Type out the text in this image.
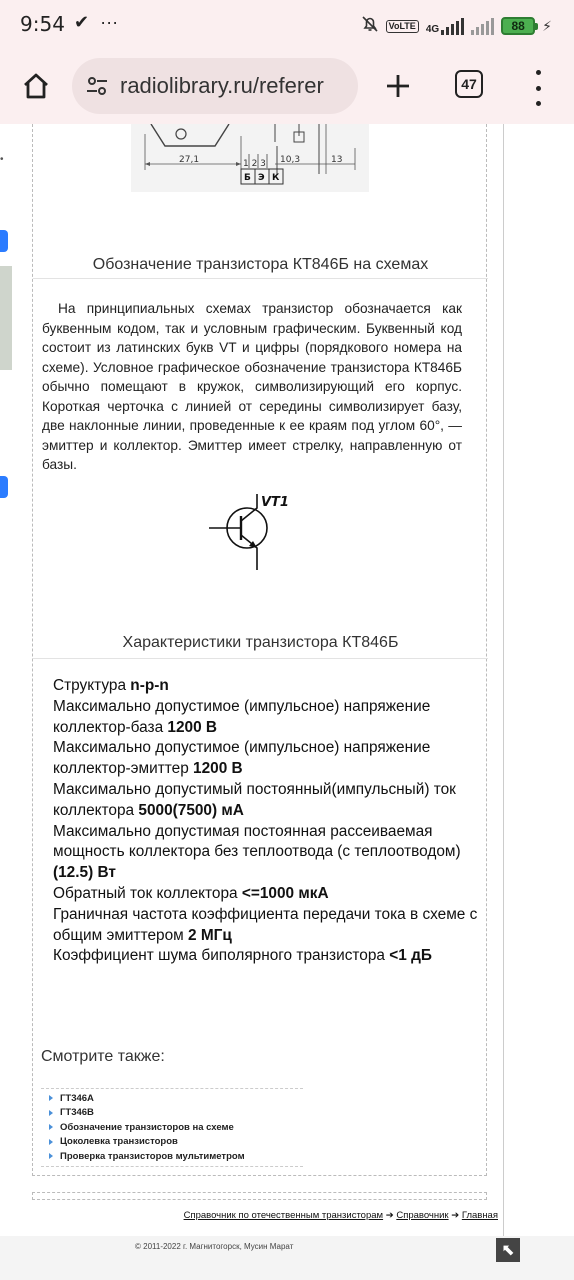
9:54 ✔ ···	VoLTE	4G	88	⚡
radiolibrary.ru/referer	47
•	27,1	10,3	13
1 2 3
Б Э К
Обозначение транзистора КТ846Б на схемах
На принципиальных схемах транзистор обозначается как буквенным кодом, так и условным графическим. Буквенный код состоит из латинских букв VT и цифры (порядкового номера на схеме). Условное графическое обозначение транзистора КТ846Б обычно помещают в кружок, символизирующий его корпус. Короткая черточка с линией от середины символизирует базу, две наклонные линии, проведенные к ее краям под углом 60°, — эмиттер и коллектор. Эмиттер имеет стрелку, направленную от базы.
VT1
Характеристики транзистора КТ846Б
Структура n-p-n
Максимально допустимое (импульсное) напряжение коллектор-база 1200 В
Максимально допустимое (импульсное) напряжение коллектор-эмиттер 1200 В
Максимально допустимый постоянный(импульсный) ток коллектора 5000(7500) мА
Максимально допустимая постоянная рассеиваемая мощность коллектора без теплоотвода (с теплоотводом) (12.5) Вт
Обратный ток коллектора <=1000 мкА
Граничная частота коэффициента передачи тока в схеме с общим эмиттером 2 МГц
Коэффициент шума биполярного транзистора <1 дБ
Смотрите также:
ГТ346А
ГТ346В
Обозначение транзисторов на схеме
Цоколевка транзисторов
Проверка транзисторов мультиметром
Справочник по отечественным транзисторам ➔ Справочник ➔ Главная
© 2011-2022 г. Магнитогорск, Мусин Марат	⬉
